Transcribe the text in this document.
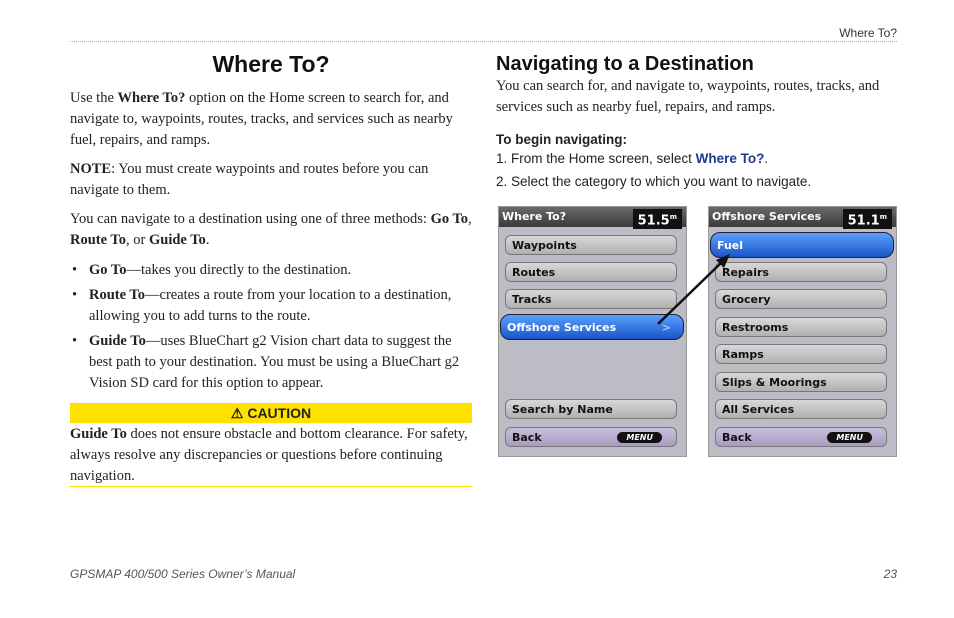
Where To?
Where To?
Use the Where To? option on the Home screen to search for, and navigate to, waypoints, routes, tracks, and services such as nearby fuel, repairs, and ramps.
NOTE: You must create waypoints and routes before you can navigate to them.
You can navigate to a destination using one of three methods: Go To, Route To, or Guide To.
• Go To—takes you directly to the destination.
• Route To—creates a route from your location to a destination, allowing you to add turns to the route.
• Guide To—uses BlueChart g2 Vision chart data to suggest the best path to your destination. You must be using a BlueChart g2 Vision SD card for this option to appear.
⚠ CAUTION
Guide To does not ensure obstacle and bottom clearance. For safety, always resolve any discrepancies or questions before continuing navigation.
Navigating to a Destination
You can search for, and navigate to, waypoints, routes, tracks, and services such as nearby fuel, repairs, and ramps.
To begin navigating:
1. From the Home screen, select Where To?.
2. Select the category to which you want to navigate.
Where To?	51.5$^m$
Waypoints
Routes
Tracks
Offshore Services	>
Search by Name
Back	MENU
Offshore Services	51.1$^m$
Fuel
Repairs
Grocery
Restrooms
Ramps
Slips & Moorings
All Services
Back	MENU
GPSMAP 400/500 Series Owner’s Manual	23
